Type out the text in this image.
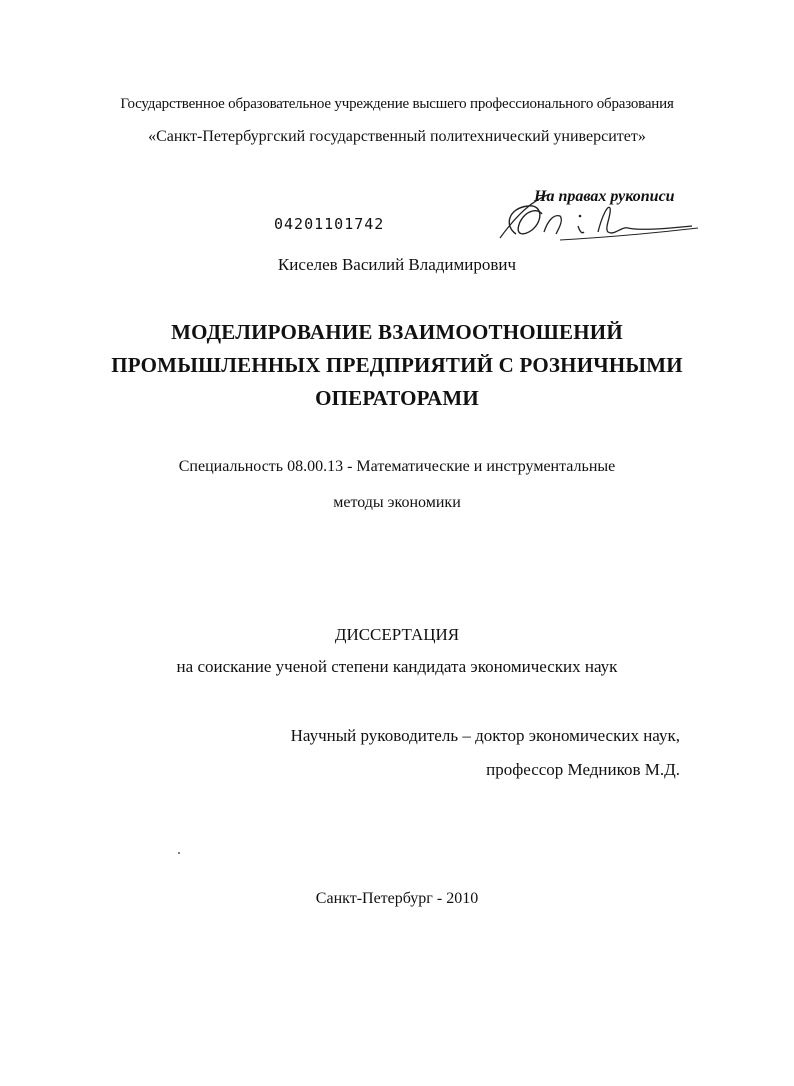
Государственное образовательное учреждение высшего профессионального образования
«Санкт-Петербургский государственный политехнический университет»
На правах рукописи
04201101742
Киселев Василий Владимирович
МОДЕЛИРОВАНИЕ ВЗАИМООТНОШЕНИЙ
ПРОМЫШЛЕННЫХ ПРЕДПРИЯТИЙ С РОЗНИЧНЫМИ
ОПЕРАТОРАМИ
Специальность 08.00.13 - Математические и инструментальные
методы экономики
ДИССЕРТАЦИЯ
на соискание ученой степени кандидата экономических наук
Научный руководитель – доктор экономических наук,
профессор Медников М.Д.
Санкт-Петербург - 2010
